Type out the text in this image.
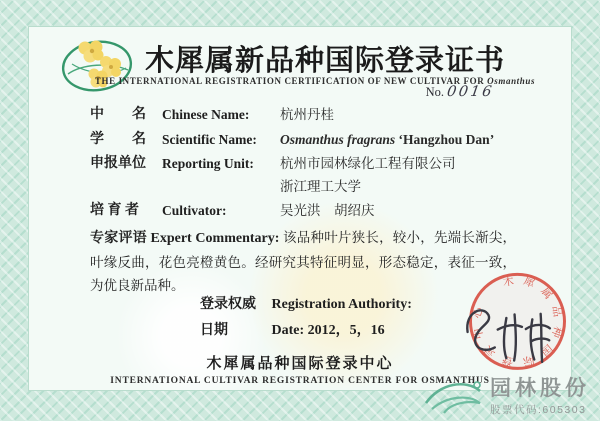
木犀属新品种国际登录证书
THE INTERNATIONAL REGISTRATION CERTIFICATION OF NEW CULTIVAR FOR Osmanthus
No. 0016
中　　名	Chinese Name:	杭州丹桂
学　　名	Scientific Name:	Osmanthus fragrans ‘Hangzhou Dan’
申报单位	Reporting Unit:	杭州市园林绿化工程有限公司
浙江理工大学
培 育 者	Cultivator:	吴光洪　胡绍庆

专家评语 Expert Commentary: 该品种叶片狭长，较小，先端长渐尖，叶缘反曲，花色亮橙黄色。经研究其特征明显，形态稳定，表征一致，为优良新品种。

登录权威 Registration Authority:
日期	Date: 2012，5，16
木犀属品种国际登录中心
INTERNATIONAL CULTIVAR REGISTRATION CENTER FOR OSMANTHUS
木犀属品种国际登录中心
园林股份
股票代码:605303
